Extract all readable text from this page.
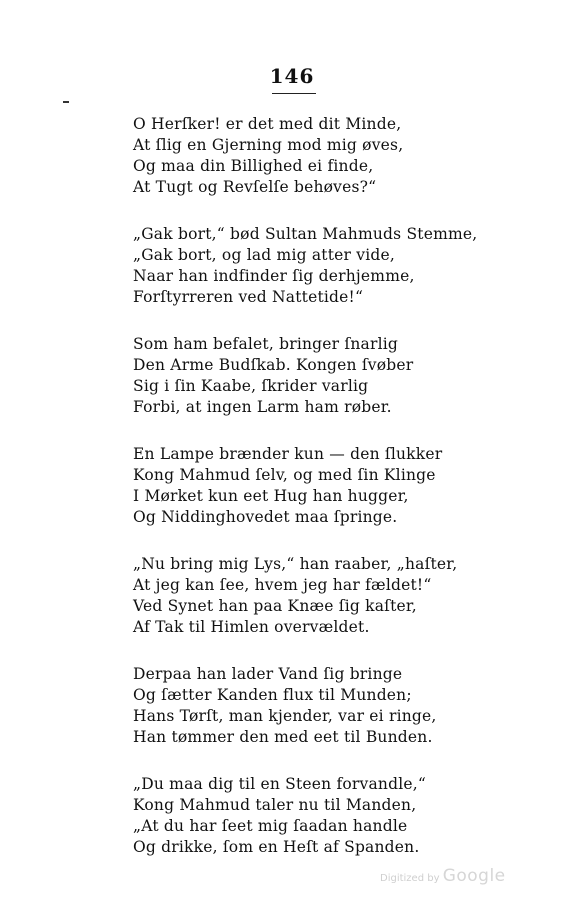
146
O Herſker! er det med dit Minde,
At ſlig en Gjerning mod mig øves,
Og maa din Billighed ei finde,
At Tugt og Revſelſe behøves?“
„Gak bort,“ bød Sultan Mahmuds Stemme,
„Gak bort, og lad mig atter vide,
Naar han indfinder ſig derhjemme,
Forſtyrreren ved Nattetide!“
Som ham befalet, bringer ſnarlig
Den Arme Budſkab. Kongen ſvøber
Sig i ſin Kaabe, ſkrider varlig
Forbi, at ingen Larm ham røber.
En Lampe brænder kun — den ſlukker
Kong Mahmud ſelv, og med ſin Klinge
I Mørket kun eet Hug han hugger,
Og Niddinghovedet maa ſpringe.
„Nu bring mig Lys,“ han raaber, „haſter,
At jeg kan ſee, hvem jeg har fældet!“
Ved Synet han paa Knæe ſig kaſter,
Af Tak til Himlen overvældet.
Derpaa han lader Vand ſig bringe
Og ſætter Kanden flux til Munden;
Hans Tørſt, man kjender, var ei ringe,
Han tømmer den med eet til Bunden.
„Du maa dig til en Steen forvandle,“
Kong Mahmud taler nu til Manden,
„At du har ſeet mig ſaadan handle
Og drikke, ſom en Heſt af Spanden.
Digitized by Google
